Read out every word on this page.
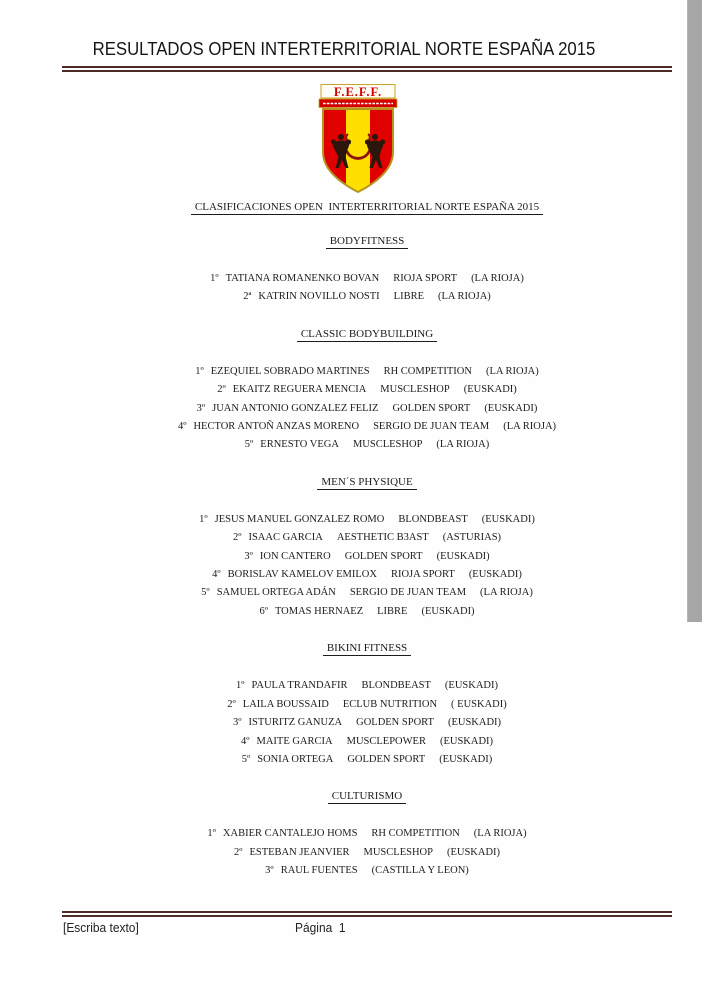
RESULTADOS OPEN INTERTERRITORIAL NORTE ESPAÑA 2015
F.E.F.F.
CLASIFICACIONES OPEN  INTERTERRITORIAL NORTE ESPAÑA 2015
BODYFITNESS
1º TATIANA ROMANENKO BOVAN RIOJA SPORT (LA RIOJA)
2ª KATRIN NOVILLO NOSTI LIBRE (LA RIOJA)
CLASSIC BODYBUILDING
1º EZEQUIEL SOBRADO MARTINES RH COMPETITION (LA RIOJA)
2º EKAITZ REGUERA MENCIA MUSCLESHOP (EUSKADI)
3º JUAN ANTONIO GONZALEZ FELIZ GOLDEN SPORT (EUSKADI)
4º HECTOR ANTOÑ ANZAS MORENO SERGIO DE JUAN TEAM (LA RIOJA)
5º ERNESTO VEGA MUSCLESHOP (LA RIOJA)
MEN´S PHYSIQUE
1º JESUS MANUEL GONZALEZ ROMO BLONDBEAST (EUSKADI)
2º ISAAC GARCIA AESTHETIC B3AST (ASTURIAS)
3º ION CANTERO GOLDEN SPORT (EUSKADI)
4º BORISLAV KAMELOV EMILOX RIOJA SPORT (EUSKADI)
5º SAMUEL ORTEGA ADÁN SERGIO DE JUAN TEAM (LA RIOJA)
6º TOMAS HERNAEZ LIBRE (EUSKADI)
BIKINI FITNESS
1º PAULA TRANDAFIR BLONDBEAST (EUSKADI)
2º LAILA BOUSSAID ECLUB NUTRITION ( EUSKADI)
3º ISTURITZ GANUZA GOLDEN SPORT (EUSKADI)
4º MAITE GARCIA MUSCLEPOWER (EUSKADI)
5º SONIA ORTEGA GOLDEN SPORT (EUSKADI)
CULTURISMO
1º XABIER CANTALEJO HOMS RH COMPETITION (LA RIOJA)
2º ESTEBAN JEANVIER MUSCLESHOP (EUSKADI)
3º RAUL FUENTES (CASTILLA Y LEON)
[Escriba texto]	Página  1
